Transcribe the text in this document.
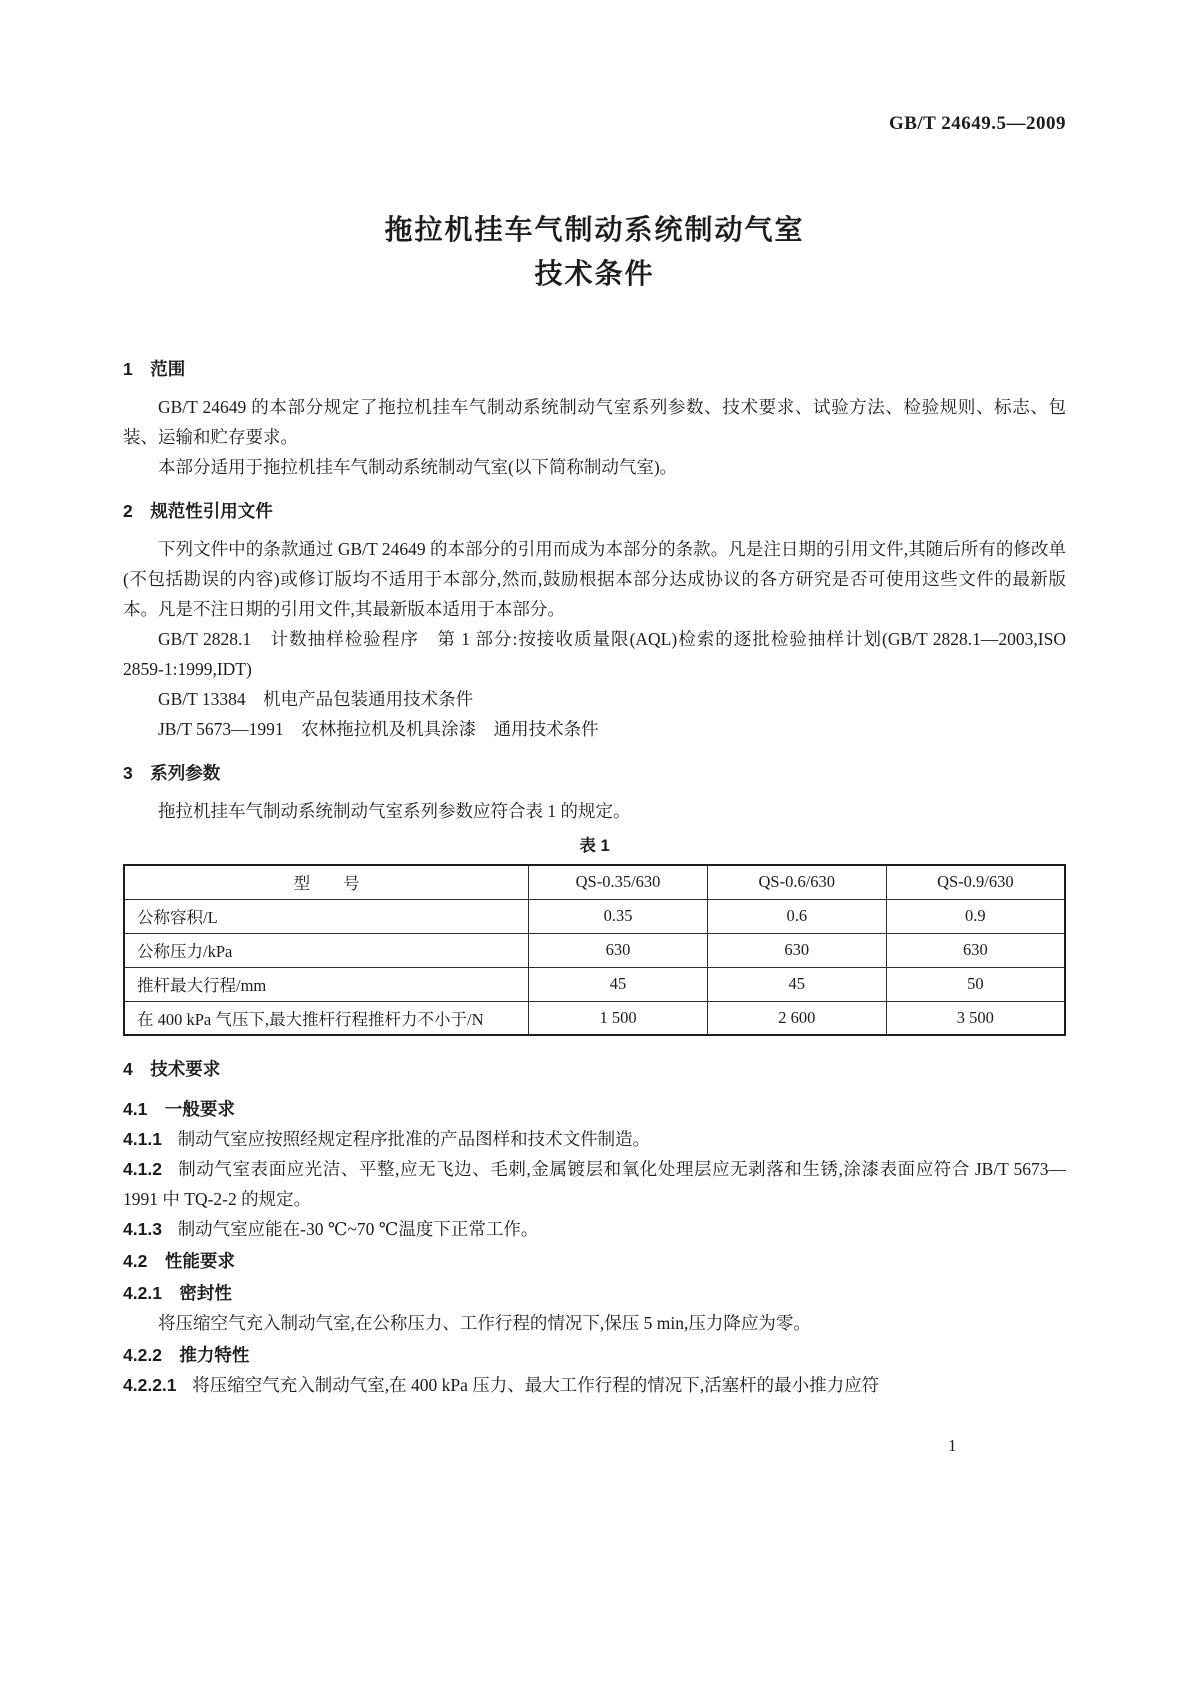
GB/T 24649.5—2009
拖拉机挂车气制动系统制动气室
技术条件
1　范围

GB/T 24649 的本部分规定了拖拉机挂车气制动系统制动气室系列参数、技术要求、试验方法、检验规则、标志、包装、运输和贮存要求。

本部分适用于拖拉机挂车气制动系统制动气室(以下简称制动气室)。

2　规范性引用文件

下列文件中的条款通过 GB/T 24649 的本部分的引用而成为本部分的条款。凡是注日期的引用文件,其随后所有的修改单(不包括勘误的内容)或修订版均不适用于本部分,然而,鼓励根据本部分达成协议的各方研究是否可使用这些文件的最新版本。凡是不注日期的引用文件,其最新版本适用于本部分。

GB/T 2828.1　计数抽样检验程序　第 1 部分:按接收质量限(AQL)检索的逐批检验抽样计划(GB/T 2828.1—2003,ISO 2859-1:1999,IDT)

GB/T 13384　机电产品包装通用技术条件

JB/T 5673—1991　农林拖拉机及机具涂漆　通用技术条件

3　系列参数

拖拉机挂车气制动系统制动气室系列参数应符合表 1 的规定。

表 1

型　　号	QS-0.35/630	QS-0.6/630	QS-0.9/630
公称容积/L	0.35	0.6	0.9
公称压力/kPa	630	630	630
推杆最大行程/mm	45	45	50
在 400 kPa 气压下,最大推杆行程推杆力不小于/N	1 500	2 600	3 500
4　技术要求
4.1　一般要求

4.1.1 制动气室应按照经规定程序批准的产品图样和技术文件制造。

4.1.2 制动气室表面应光洁、平整,应无飞边、毛刺,金属镀层和氧化处理层应无剥落和生锈,涂漆表面应符合 JB/T 5673—1991 中 TQ-2-2 的规定。

4.1.3 制动气室应能在-30 ℃~70 ℃温度下正常工作。

4.2　性能要求
4.2.1　密封性

将压缩空气充入制动气室,在公称压力、工作行程的情况下,保压 5 min,压力降应为零。

4.2.2　推力特性

4.2.2.1 将压缩空气充入制动气室,在 400 kPa 压力、最大工作行程的情况下,活塞杆的最小推力应符

1
